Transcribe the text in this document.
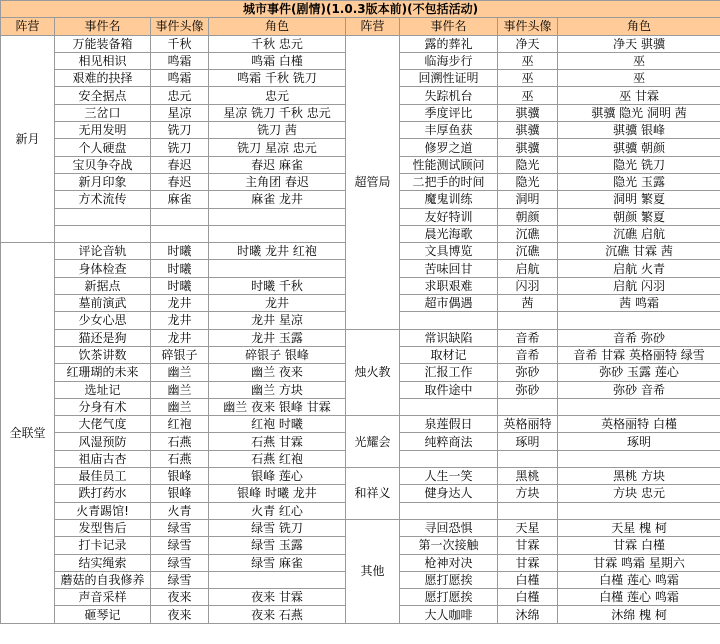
城市事件(剧情)(1.0.3版本前)(不包括活动)							
阵营	事件名	事件头像	角色	阵营	事件名	事件头像	角色
新月	万能装备箱	千秋	千秋 忠元	超管局	露的葬礼	净天	净天 骐骥
	相见相识	鸣霜	鸣霜 白槿		临海步行	巫	巫
	艰难的抉择	鸣霜	鸣霜 千秋 铣刀		回溯性证明	巫	巫
	安全据点	忠元	忠元		失踪机台	巫	巫 甘霖
	三岔口	星凉	星凉 铣刀 千秋 忠元		季度评比	骐骥	骐骥 隐光 洞明 茜
	无用发明	铣刀	铣刀 茜		丰厚鱼获	骐骥	骐骥 银峰
	个人硬盘	铣刀	铣刀 星凉 忠元		修罗之道	骐骥	骐骥 朝颜
	宝贝争夺战	春迟	春迟 麻雀		性能测试顾问	隐光	隐光 铣刀
	新月印象	春迟	主角团 春迟		二把手的时间	隐光	隐光 玉露
	方术流传	麻雀	麻雀 龙井		魔鬼训练	洞明	洞明 繁夏
					友好特训	朝颜	朝颜 繁夏
					晨光海歌	沉礁	沉礁 启航
全联堂	评论音轨	时曦	时曦 龙井 红袍		文具博览	沉礁	沉礁 甘霖 茜
	身体检查	时曦			苦味回甘	启航	启航 火青
	新据点	时曦	时曦 千秋		求职艰难	闪羽	启航 闪羽
	墓前演武	龙井	龙井		超市偶遇	茜	茜 鸣霜
	少女心思	龙井	龙井 星凉				
	猫还是狗	龙井	龙井 玉露	烛火教	常识缺陷	音希	音希 弥砂
	饮茶讲数	碎银子	碎银子 银峰		取材记	音希	音希 甘霖 英格丽特 绿雪
	红珊瑚的未来	幽兰	幽兰 夜来		汇报工作	弥砂	弥砂 玉露 莲心
	选址记	幽兰	幽兰 方块		取件途中	弥砂	弥砂 音希
	分身有术	幽兰	幽兰 夜来 银峰 甘霖				
	大佬气度	红袍	红袍 时曦	光耀会	泉莲假日	英格丽特	英格丽特 白槿
	风湿预防	石燕	石燕 甘霖		纯粹商法	琢明	琢明
	祖庙古杏	石燕	石燕 红袍				
	最佳员工	银峰	银峰 莲心	和祥义	人生一笑	黑桃	黑桃 方块
	跌打药水	银峰	银峰 时曦 龙井		健身达人	方块	方块 忠元
	火青踢馆!	火青	火青 红心				
	发型售后	绿雪	绿雪 铣刀	其他	寻回恐惧	天星	天星 槐 柯
	打卡记录	绿雪	绿雪 玉露		第一次接触	甘霖	甘霖 白槿
	结实绳索	绿雪	绿雪 麻雀		枪神对决	甘霖	甘霖 鸣霜 星期六
	蘑菇的自我修养	绿雪			愿打愿挨	白槿	白槿 莲心 鸣霜
	声音采样	夜来	夜来 甘霖		愿打愿挨	白槿	白槿 莲心 鸣霜
	砸琴记	夜来	夜来 石燕		大人咖啡	沐绵	沐绵 槐 柯
